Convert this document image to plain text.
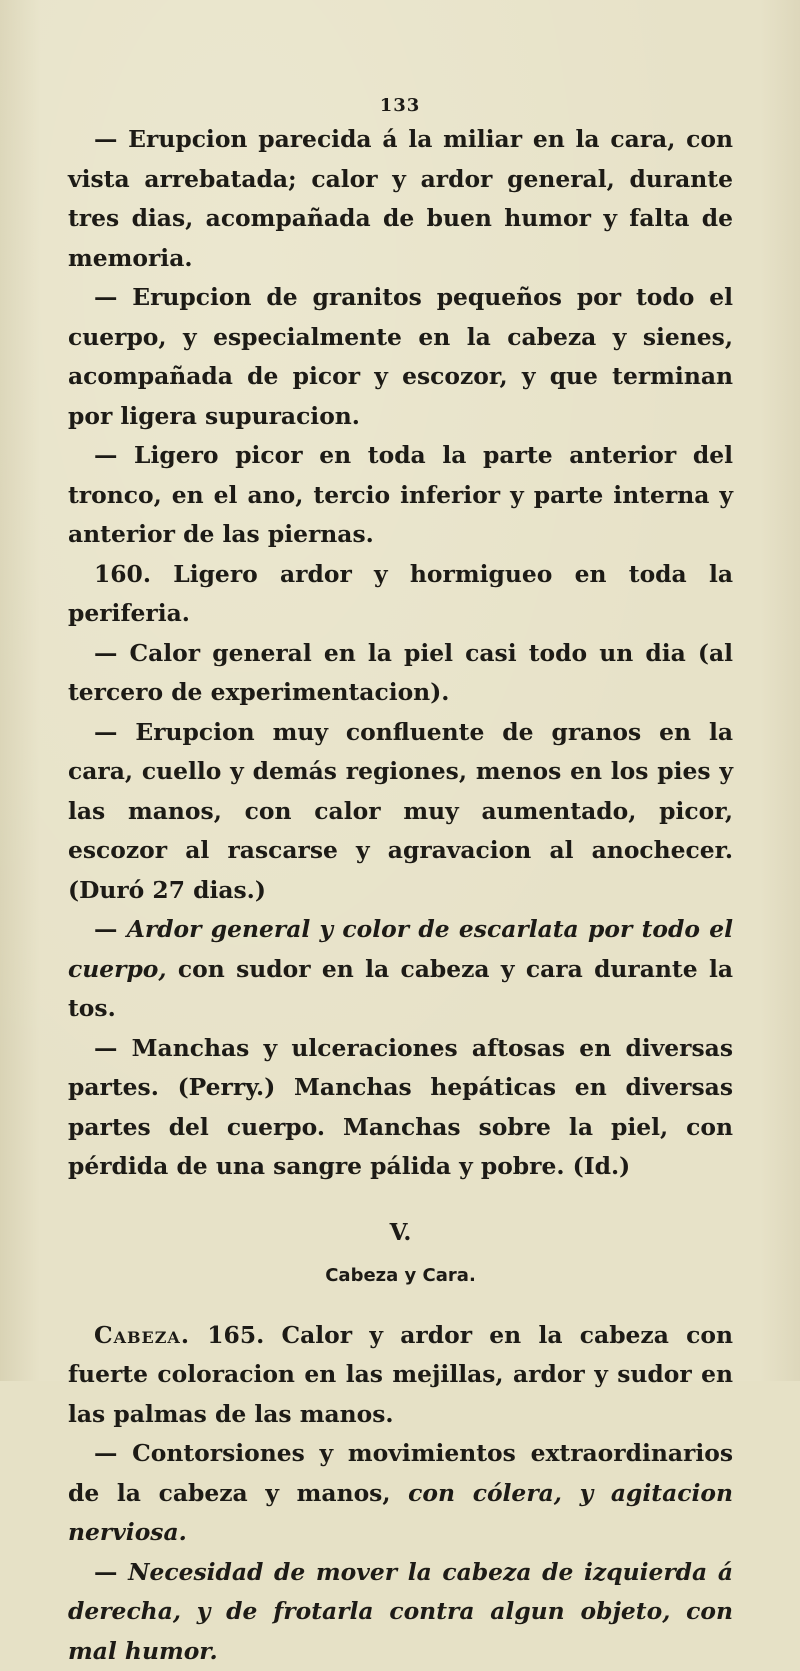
133

— Erupcion parecida á la miliar en la cara, con vista arrebatada; calor y ardor general, durante tres dias, acompañada de buen humor y falta de memoria.

— Erupcion de granitos pequeños por todo el cuerpo, y especialmente en la cabeza y sienes, acompañada de picor y escozor, y que terminan por ligera supuracion.

— Ligero picor en toda la parte anterior del tronco, en el ano, tercio inferior y parte interna y anterior de las piernas.

160. Ligero ardor y hormigueo en toda la periferia.

— Calor general en la piel casi todo un dia (al tercero de experimentacion).

— Erupcion muy confluente de granos en la cara, cuello y demás regiones, menos en los pies y las manos, con calor muy aumentado, picor, escozor al rascarse y agravacion al anochecer. (Duró 27 dias.)

— Ardor general y color de escarlata por todo el cuerpo, con sudor en la cabeza y cara durante la tos.

— Manchas y ulceraciones aftosas en diversas partes. (Perry.) Manchas hepáticas en diversas partes del cuerpo. Manchas sobre la piel, con pérdida de una sangre pálida y pobre. (Id.)

V.
Cabeza y Cara.

Cabeza. 165. Calor y ardor en la cabeza con fuerte coloracion en las mejillas, ardor y sudor en las palmas de las manos.

— Contorsiones y movimientos extraordinarios de la cabeza y manos, con cólera, y agitacion nerviosa.

— Necesidad de mover la cabeza de izquierda á derecha, y de frotarla contra algun objeto, con mal humor.
